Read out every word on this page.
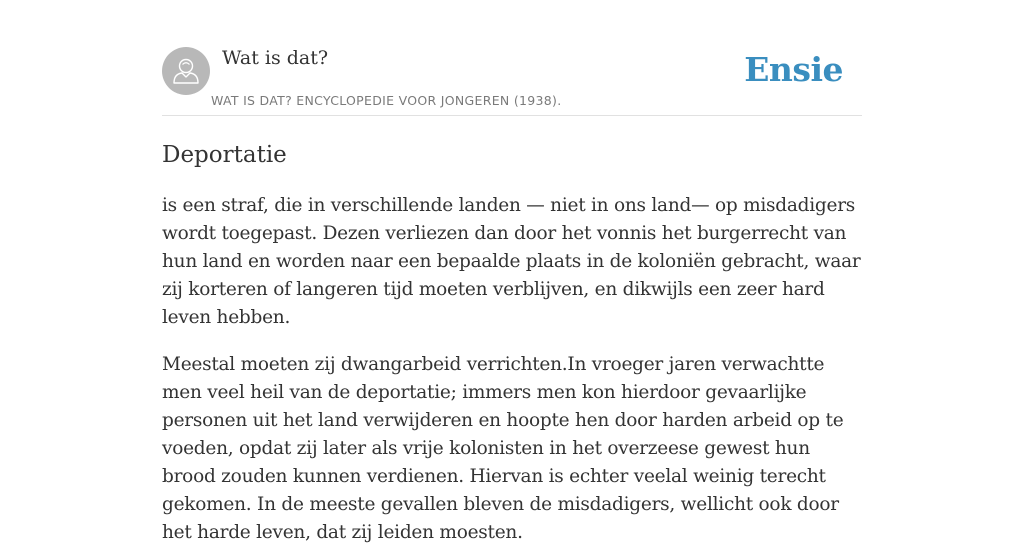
Wat is dat?
WAT IS DAT? ENCYCLOPEDIE VOOR JONGEREN (1938).
Ensie
Deportatie

is een straf, die in verschillende landen — niet in ons land— op misdadigers wordt toegepast. Dezen verliezen dan door het vonnis het burgerrecht van hun land en worden naar een bepaalde plaats in de koloniën gebracht, waar zij korteren of langeren tijd moeten verblijven, en dikwijls een zeer hard leven hebben.

Meestal moeten zij dwangarbeid verrichten.In vroeger jaren verwachtte men veel heil van de deportatie; immers men kon hierdoor gevaarlijke personen uit het land verwijderen en hoopte hen door harden arbeid op te voeden, opdat zij later als vrije kolonisten in het overzeese gewest hun brood zouden kunnen verdienen. Hiervan is echter veelal weinig terecht gekomen. In de meeste gevallen bleven de misdadigers, wellicht ook door het harde leven, dat zij leiden moesten.
